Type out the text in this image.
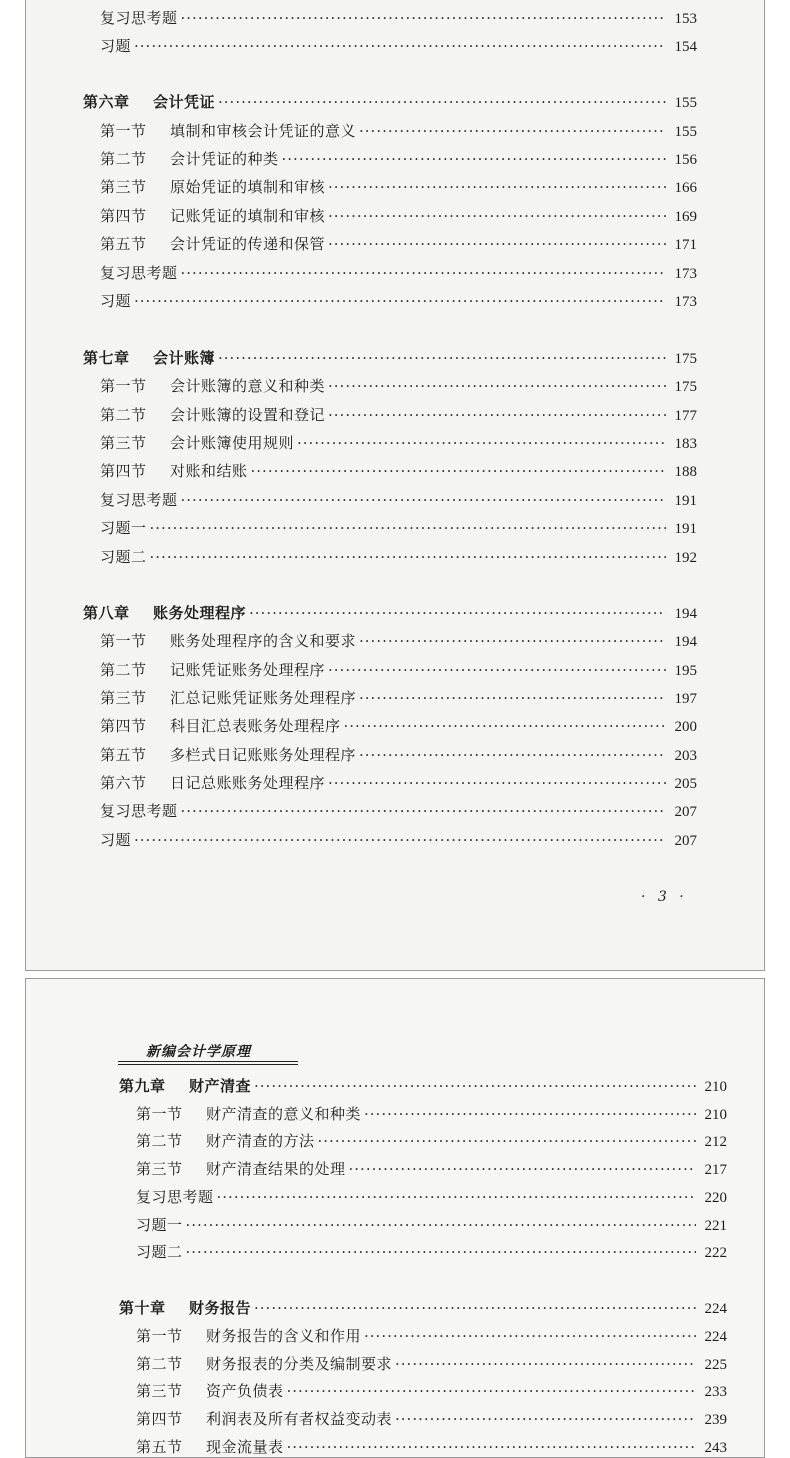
复习思考题 ·····	153
习题 ·····	154
第六章 会计凭证 ·····	155
第一节 填制和审核会计凭证的意义 ·····	155
第二节 会计凭证的种类 ·····	156
第三节 原始凭证的填制和审核 ·····	166
第四节 记账凭证的填制和审核 ·····	169
第五节 会计凭证的传递和保管 ·····	171
复习思考题 ·····	173
习题 ·····	173
第七章 会计账簿 ·····	175
第一节 会计账簿的意义和种类 ·····	175
第二节 会计账簿的设置和登记 ·····	177
第三节 会计账簿使用规则 ·····	183
第四节 对账和结账 ·····	188
复习思考题 ·····	191
习题一 ·····	191
习题二 ·····	192
第八章 账务处理程序 ·····	194
第一节 账务处理程序的含义和要求 ·····	194
第二节 记账凭证账务处理程序 ·····	195
第三节 汇总记账凭证账务处理程序 ·····	197
第四节 科目汇总表账务处理程序 ·····	200
第五节 多栏式日记账账务处理程序 ·····	203
第六节 日记总账账务处理程序 ·····	205
复习思考题 ·····	207
习题 ·····	207
· 3 ·
新编会计学原理
第九章 财产清查 ·····	210
第一节 财产清查的意义和种类 ·····	210
第二节 财产清查的方法 ·····	212
第三节 财产清查结果的处理 ·····	217
复习思考题 ·····	220
习题一 ·····	221
习题二 ·····	222
第十章 财务报告 ·····	224
第一节 财务报告的含义和作用 ·····	224
第二节 财务报表的分类及编制要求 ·····	225
第三节 资产负债表 ·····	233
第四节 利润表及所有者权益变动表 ·····	239
第五节 现金流量表 ·····	243
